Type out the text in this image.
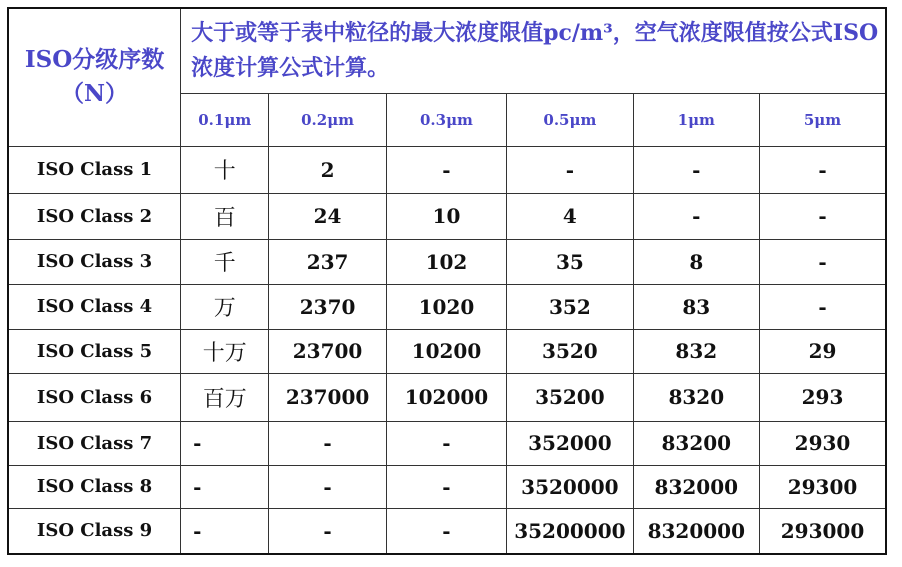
ISO分级序数（N）	大于或等于表中粒径的最大浓度限值pc/m³，空气浓度限值按公式ISO浓度计算公式计算。					
	0.1μm	0.2μm	0.3μm	0.5μm	1μm	5μm
ISO Class 1	十	2	-	-	-	-
ISO Class 2	百	24	10	4	-	-
ISO Class 3	千	237	102	35	8	-
ISO Class 4	万	2370	1020	352	83	-
ISO Class 5	十万	23700	10200	3520	832	29
ISO Class 6	百万	237000	102000	35200	8320	293
ISO Class 7	-	-	-	352000	83200	2930
ISO Class 8	-	-	-	3520000	832000	29300
ISO Class 9	-	-	-	35200000	8320000	293000
